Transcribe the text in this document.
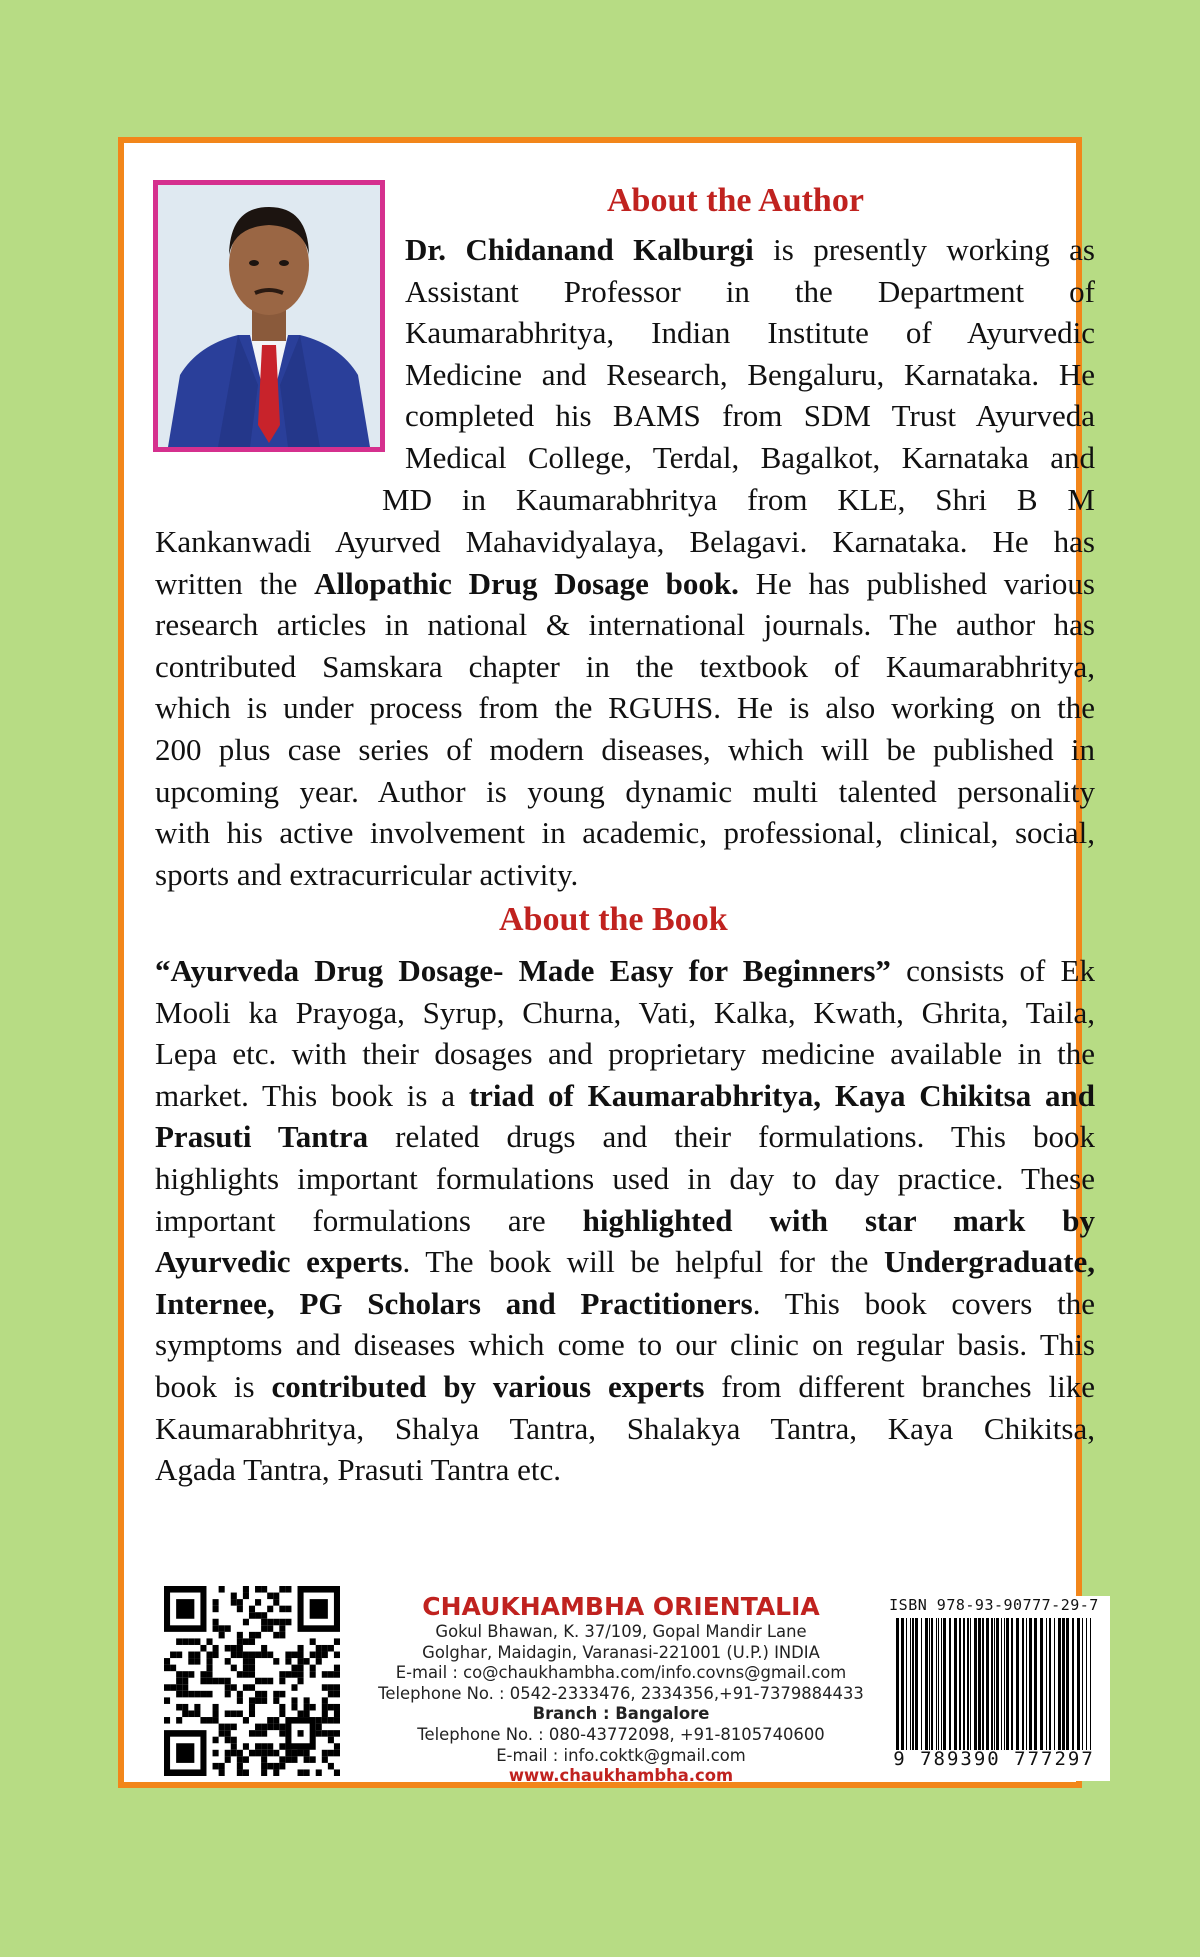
About the Author
Dr. Chidanand Kalburgi is presently working as
Assistant Professor in the Department of
Kaumarabhritya, Indian Institute of Ayurvedic
Medicine and Research, Bengaluru, Karnataka. He
completed his BAMS from SDM Trust Ayurveda
Medical College, Terdal, Bagalkot, Karnataka and
MD in Kaumarabhritya from KLE, Shri B M
Kankanwadi Ayurved Mahavidyalaya, Belagavi. Karnataka. He has
written the Allopathic Drug Dosage book. He has published various
research articles in national & international journals. The author has
contributed Samskara chapter in the textbook of Kaumarabhritya,
which is under process from the RGUHS. He is also working on the
200 plus case series of modern diseases, which will be published in
upcoming year. Author is young dynamic multi talented personality
with his active involvement in academic, professional, clinical, social,
sports and extracurricular activity.
About the Book
“Ayurveda Drug Dosage- Made Easy for Beginners” consists of Ek
Mooli ka Prayoga, Syrup, Churna, Vati, Kalka, Kwath, Ghrita, Taila,
Lepa etc. with their dosages and proprietary medicine available in the
market. This book is a triad of Kaumarabhritya, Kaya Chikitsa and
Prasuti Tantra related drugs and their formulations. This book
highlights important formulations used in day to day practice. These
important formulations are highlighted with star mark by
Ayurvedic experts. The book will be helpful for the Undergraduate,
Internee, PG Scholars and Practitioners. This book covers the
symptoms and diseases which come to our clinic on regular basis. This
book is contributed by various experts from different branches like
Kaumarabhritya, Shalya Tantra, Shalakya Tantra, Kaya Chikitsa,
Agada Tantra, Prasuti Tantra etc.
CHAUKHAMBHA ORIENTALIA
Gokul Bhawan, K. 37/109, Gopal Mandir Lane
Golghar, Maidagin, Varanasi-221001 (U.P.) INDIA
E-mail : co@chaukhambha.com/info.covns@gmail.com
Telephone No. : 0542-2333476, 2334356,+91-7379884433
Branch : Bangalore
Telephone No. : 080-43772098, +91-8105740600
E-mail : info.coktk@gmail.com
www.chaukhambha.com
ISBN 978-93-90777-29-7
9 789390 777297
